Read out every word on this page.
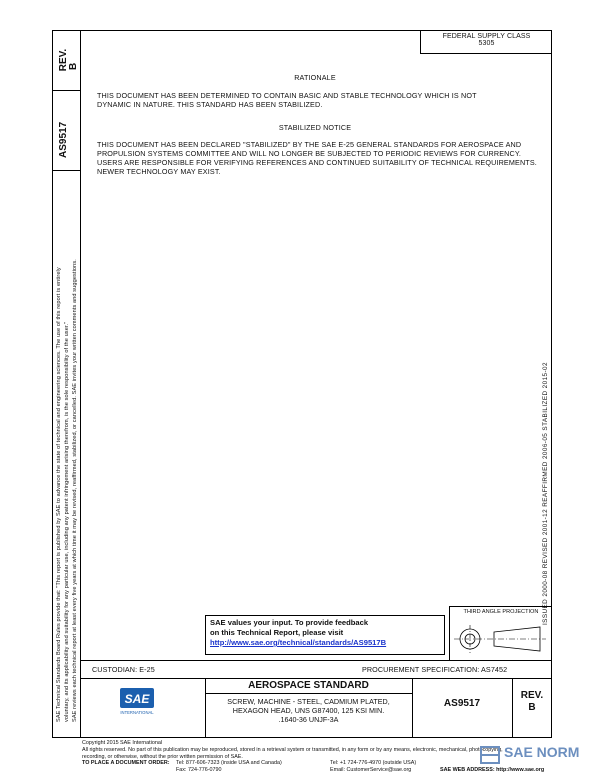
REV. B
AS9517
SAE Technical Standards Board Rules provide that: "This report is published by SAE to advance the state of technical and engineering sciences. The use of this report is entirely voluntary, and its applicability and suitability for any particular use, including any patent infringement arising therefrom, is the sole responsibility of the user." SAE reviews each technical report at least every five years at which time it may be revised, reaffirmed, stabilized, or cancelled. SAE invites your written comments and suggestions.
FEDERAL SUPPLY CLASS
5305
RATIONALE
THIS DOCUMENT HAS BEEN DETERMINED TO CONTAIN BASIC AND STABLE TECHNOLOGY WHICH IS NOT DYNAMIC IN NATURE. THIS STANDARD HAS BEEN STABILIZED.
STABILIZED NOTICE
THIS DOCUMENT HAS BEEN DECLARED "STABILIZED" BY THE SAE E-25 GENERAL STANDARDS FOR AEROSPACE AND PROPULSION SYSTEMS COMMITTEE AND WILL NO LONGER BE SUBJECTED TO PERIODIC REVIEWS FOR CURRENCY. USERS ARE RESPONSIBLE FOR VERIFYING REFERENCES AND CONTINUED SUITABILITY OF TECHNICAL REQUIREMENTS. NEWER TECHNOLOGY MAY EXIST.
ISSUED 2000-08 REVISED 2001-12 REAFFIRMED 2006-05 STABILIZED 2015-02
SAE values your input. To provide feedback
on this Technical Report, please visit
http://www.sae.org/technical/standards/AS9517B
THIRD ANGLE PROJECTION
CUSTODIAN: E-25	PROCUREMENT SPECIFICATION: AS7452
SAE
INTERNATIONAL
AEROSPACE STANDARD
SCREW, MACHINE - STEEL, CADMIUM PLATED,
HEXAGON HEAD, UNS G87400, 125 KSI MIN.
.1640-36 UNJF-3A
AS9517
REV.
B
Copyright 2015 SAE International
All rights reserved. No part of this publication may be reproduced, stored in a retrieval system or transmitted, in any form or by any means, electronic, mechanical, photocopying,
recording, or otherwise, without the prior written permission of SAE.
TO PLACE A DOCUMENT ORDER: Tel: 877-606-7323 (inside USA and Canada)
Fax: 724-776-0790
Tel: +1 724-776-4970 (outside USA)
Email: CustomerService@sae.org	SAE WEB ADDRESS: http://www.sae.org
SAE NORM
